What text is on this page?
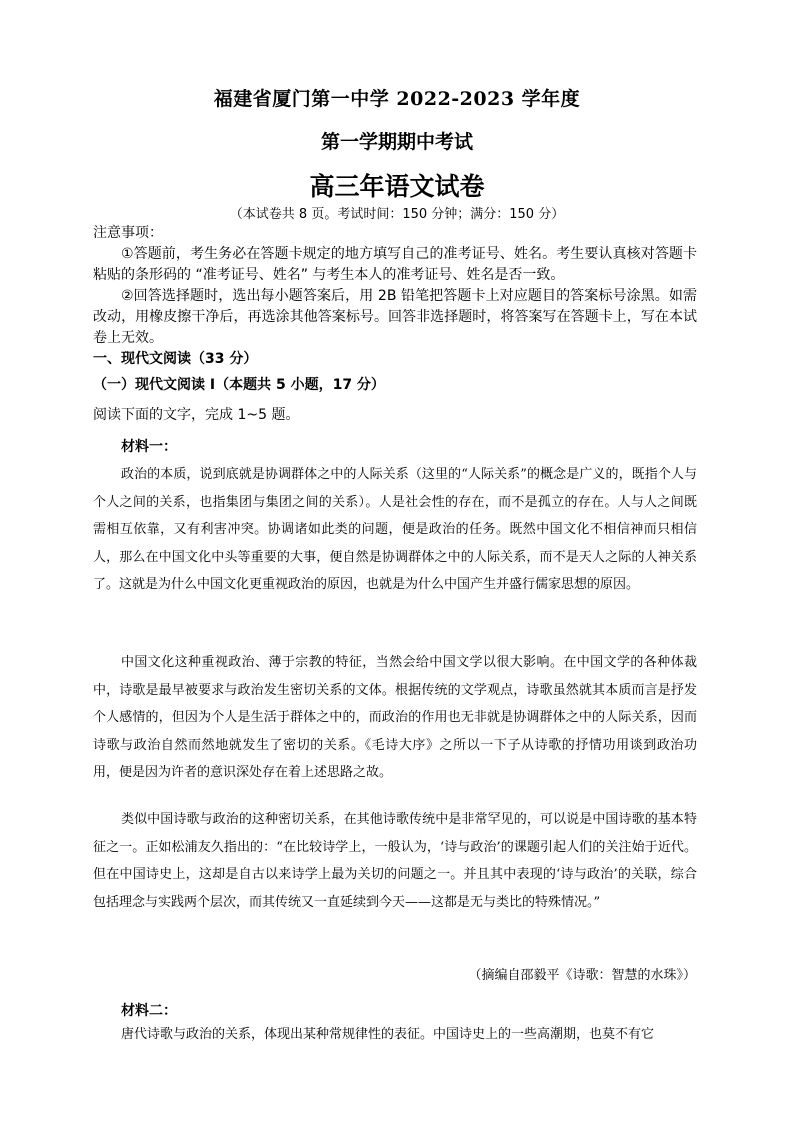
福建省厦门第一中学 2022-2023 学年度
第一学期期中考试
高三年语文试卷
（本试卷共 8 页。考试时间：150 分钟；满分：150 分）
注意事项：
①答题前，考生务必在答题卡规定的地方填写自己的准考证号、姓名。考生要认真核对答题卡粘贴的条形码的 “准考证号、姓名” 与考生本人的准考证号、姓名是否一致。
②回答选择题时，选出每小题答案后，用 2B 铅笔把答题卡上对应题目的答案标号涂黑。如需改动，用橡皮擦干净后，再选涂其他答案标号。回答非选择题时，将答案写在答题卡上，写在本试卷上无效。
一、现代文阅读（33 分）
（一）现代文阅读 I（本题共 5 小题，17 分）
阅读下面的文字，完成 1~5 题。
材料一：
政治的本质，说到底就是协调群体之中的人际关系（这里的“人际关系”的概念是广义的，既指个人与个人之间的关系，也指集团与集团之间的关系）。人是社会性的存在，而不是孤立的存在。人与人之间既需相互依靠，又有利害冲突。协调诸如此类的问题，便是政治的任务。既然中国文化不相信神而只相信人，那么在中国文化中头等重要的大事，便自然是协调群体之中的人际关系，而不是天人之际的人神关系了。这就是为什么中国文化更重视政治的原因，也就是为什么中国产生并盛行儒家思想的原因。
中国文化这种重视政治、薄于宗教的特征，当然会给中国文学以很大影响。在中国文学的各种体裁中，诗歌是最早被要求与政治发生密切关系的文体。根据传统的文学观点，诗歌虽然就其本质而言是抒发个人感情的，但因为个人是生活于群体之中的，而政治的作用也无非就是协调群体之中的人际关系，因而诗歌与政治自然而然地就发生了密切的关系。《毛诗大序》之所以一下子从诗歌的抒情功用谈到政治功用，便是因为许者的意识深处存在着上述思路之故。
类似中国诗歌与政治的这种密切关系，在其他诗歌传统中是非常罕见的，可以说是中国诗歌的基本特征之一。正如松浦友久指出的：“在比较诗学上，一般认为，‘诗与政治’的课题引起人们的关注始于近代。但在中国诗史上，这却是自古以来诗学上最为关切的问题之一。并且其中表现的‘诗与政治’的关联，综合包括理念与实践两个层次，而其传统又一直延续到今天——这都是无与类比的特殊情况。”
（摘编自邵毅平《诗歌：智慧的水珠》）
材料二：
唐代诗歌与政治的关系，体现出某种常规律性的表征。中国诗史上的一些高潮期，也莫不有它
